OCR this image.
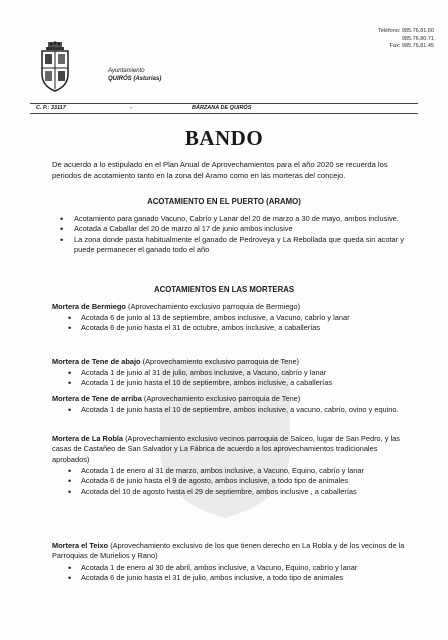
Teléfono: 985.76.81.60
985.76.80.71
Fax: 985.76.81.45
Ayuntamiento
QUIRÓS (Asturias)
C. P.: 33117	-	BÁRZANA DE QUIRÓS
BANDO
De acuerdo a lo estipulado en el Plan Anual de Aprovechamientos para el año 2020 se recuerda los periodos de acotamiento tanto en la zona del Aramo como en las morteras del concejo.
ACOTAMIENTO EN EL PUERTO (ARAMO)
• Acotamiento para ganado Vacuno, Cabrío y Lanar del 20 de marzo a 30 de mayo, ambos inclusive.
• Acotada a Caballar del 20 de marzo al 17 de junio ambos inclusive
• La zona donde pasta habitualmente el ganado de Pedroveya y La Rebollada que queda sin acotar y puede permanecer el ganado todo el año
ACOTAMIENTOS EN LAS MORTERAS
Mortera de Bermiego (Aprovechamiento exclusivo parroquia de Bermiego)
• Acotada 6 de junio al 13 de septiembre, ambos inclusive, a Vacuno, cabrío y lanar
• Acotada 6 de junio hasta el 31 de octubre, ambos inclusive, a caballerías
Mortera de Tene de abajo (Aprovechamiento exclusivo parroquia de Tene)
• Acotada 1 de junio al 31 de julio, ambos inclusive, a Vacuno, cabrío y lanar
• Acotada 1 de junio hasta el 10 de septiembre, ambos inclusive, a caballerías
Mortera de Tene de arriba (Aprovechamiento exclusivo parroquia de Tene)
• Acotada 1 de junio hasta el 10 de septiembre, ambos inclusive, a vacuno, cabrío, ovino y equino.
Mortera de La Robla (Aprovechamiento exclusivo vecinos parroquia de Salceo, lugar de San Pedro, y las casas de Castañeo de San Salvador y La Fábrica de acuerdo a los aprovechamientos tradicionales aprobados)
• Acotada 1 de enero al 31 de marzo, ambos inclusive, a Vacuno, Equino, cabrío y lanar
• Acotada 6 de junio hasta el 9 de agosto, ambos inclusive, a todo tipo de animales
• Acotada del 10 de agosto hasta el 29 de septiembre, ambos inclusive , a caballerías
Mortera el Teixo (Aprovechamiento exclusivo de los que tienen derecho en La Robla y de los vecinos de la Parroquias de Murielios y Rano)
• Acotada 1 de enero al 30 de abril, ambos inclusive, a Vacuno, Equino, cabrío y lanar
• Acotada 6 de junio hasta el 31 de julio, ambos inclusive, a todo tipo de animales
